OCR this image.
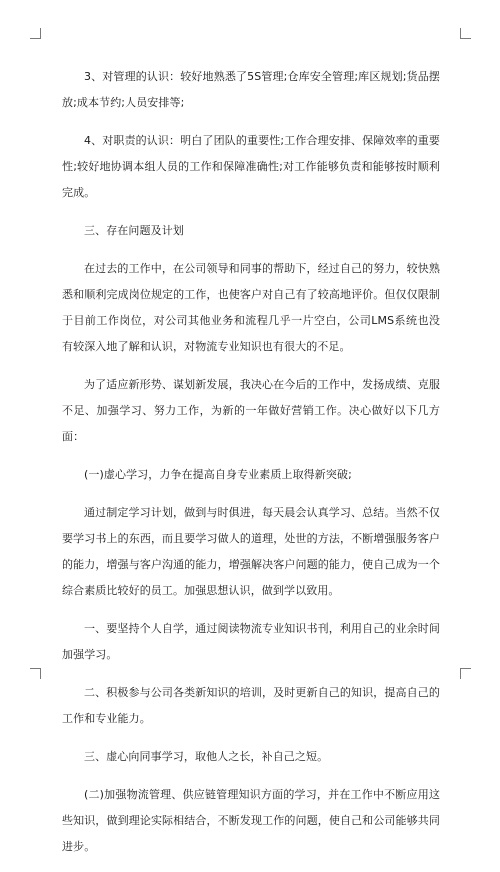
3、对管理的认识：较好地熟悉了5S管理;仓库安全管理;库区规划;货品摆放;成本节约;人员安排等;

4、对职责的认识：明白了团队的重要性;工作合理安排、保障效率的重要性;较好地协调本组人员的工作和保障准确性;对工作能够负责和能够按时顺利完成。

三、存在问题及计划

在过去的工作中，在公司领导和同事的帮助下，经过自己的努力，较快熟悉和顺利完成岗位规定的工作，也使客户对自己有了较高地评价。但仅仅限制于目前工作岗位，对公司其他业务和流程几乎一片空白，公司LMS系统也没有较深入地了解和认识，对物流专业知识也有很大的不足。

为了适应新形势、谋划新发展，我决心在今后的工作中，发扬成绩、克服不足、加强学习、努力工作，为新的一年做好营销工作。决心做好以下几方面：

(一)虚心学习，力争在提高自身专业素质上取得新突破;

通过制定学习计划，做到与时俱进，每天晨会认真学习、总结。当然不仅要学习书上的东西，而且要学习做人的道理，处世的方法，不断增强服务客户的能力，增强与客户沟通的能力，增强解决客户问题的能力，使自己成为一个综合素质比较好的员工。加强思想认识，做到学以致用。

一、要坚持个人自学，通过阅读物流专业知识书刊，利用自己的业余时间加强学习。

二、积极参与公司各类新知识的培训，及时更新自己的知识，提高自己的工作和专业能力。

三、虚心向同事学习，取他人之长，补自己之短。

(二)加强物流管理、供应链管理知识方面的学习，并在工作中不断应用这些知识，做到理论实际相结合，不断发现工作的问题，使自己和公司能够共同进步。
